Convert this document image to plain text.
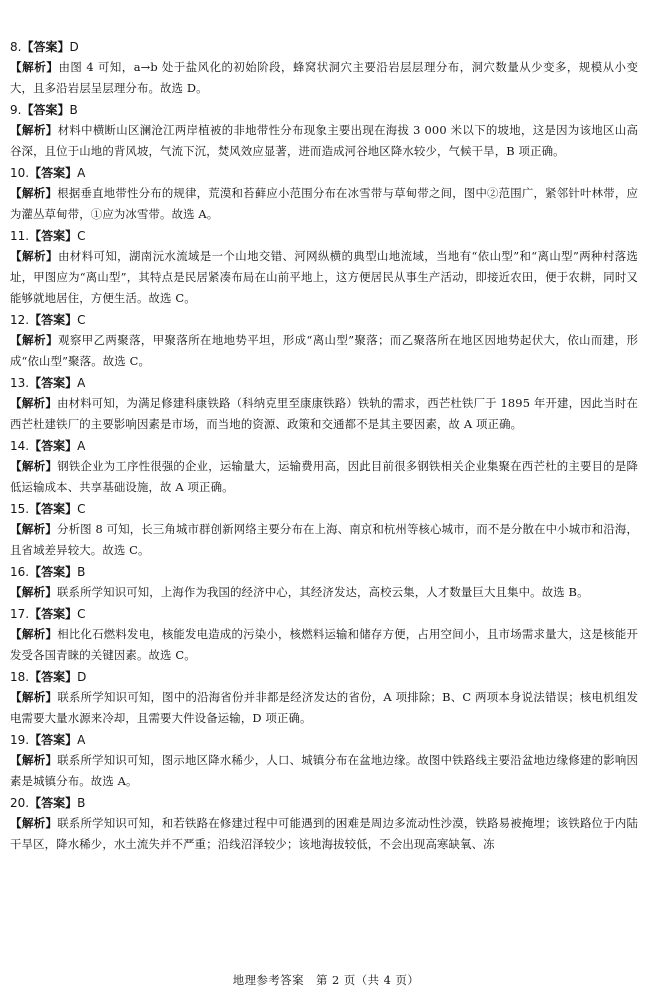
8.【答案】D

【解析】由图 4 可知，a→b 处于盐风化的初始阶段，蜂窝状洞穴主要沿岩层层理分布，洞穴数量从少变多，规模从小变大，且多沿岩层呈层理分布。故选 D。

9.【答案】B

【解析】材料中横断山区澜沧江两岸植被的非地带性分布现象主要出现在海拔 3 000 米以下的坡地，这是因为该地区山高谷深，且位于山地的背风坡，气流下沉，焚风效应显著，进而造成河谷地区降水较少，气候干旱，B 项正确。

10.【答案】A

【解析】根据垂直地带性分布的规律，荒漠和苔藓应小范围分布在冰雪带与草甸带之间，图中②范围广，紧邻针叶林带，应为灌丛草甸带，①应为冰雪带。故选 A。

11.【答案】C

【解析】由材料可知，湖南沅水流域是一个山地交错、河网纵横的典型山地流域，当地有“依山型”和“离山型”两种村落选址，甲图应为“离山型”，其特点是民居紧凑布局在山前平地上，这方便居民从事生产活动，即接近农田，便于农耕，同时又能够就地居住，方便生活。故选 C。

12.【答案】C

【解析】观察甲乙两聚落，甲聚落所在地地势平坦，形成“离山型”聚落；而乙聚落所在地区因地势起伏大，依山而建，形成“依山型”聚落。故选 C。

13.【答案】A

【解析】由材料可知，为满足修建科康铁路（科纳克里至康康铁路）铁轨的需求，西芒杜铁厂于 1895 年开建，因此当时在西芒杜建铁厂的主要影响因素是市场，而当地的资源、政策和交通都不是其主要因素，故 A 项正确。

14.【答案】A

【解析】钢铁企业为工序性很强的企业，运输量大，运输费用高，因此目前很多钢铁相关企业集聚在西芒杜的主要目的是降低运输成本、共享基础设施，故 A 项正确。

15.【答案】C

【解析】分析图 8 可知，长三角城市群创新网络主要分布在上海、南京和杭州等核心城市，而不是分散在中小城市和沿海，且省域差异较大。故选 C。

16.【答案】B

【解析】联系所学知识可知，上海作为我国的经济中心，其经济发达，高校云集，人才数量巨大且集中。故选 B。

17.【答案】C

【解析】相比化石燃料发电，核能发电造成的污染小，核燃料运输和储存方便，占用空间小，且市场需求量大，这是核能开发受各国青睐的关键因素。故选 C。

18.【答案】D

【解析】联系所学知识可知，图中的沿海省份并非都是经济发达的省份，A 项排除；B、C 两项本身说法错误；核电机组发电需要大量水源来冷却，且需要大件设备运输，D 项正确。

19.【答案】A

【解析】联系所学知识可知，图示地区降水稀少，人口、城镇分布在盆地边缘。故图中铁路线主要沿盆地边缘修建的影响因素是城镇分布。故选 A。

20.【答案】B

【解析】联系所学知识可知，和若铁路在修建过程中可能遇到的困难是周边多流动性沙漠，铁路易被掩埋；该铁路位于内陆干旱区，降水稀少，水土流失并不严重；沿线沼泽较少；该地海拔较低，不会出现高寒缺氧、冻

地理参考答案　第 2 页（共 4 页）
